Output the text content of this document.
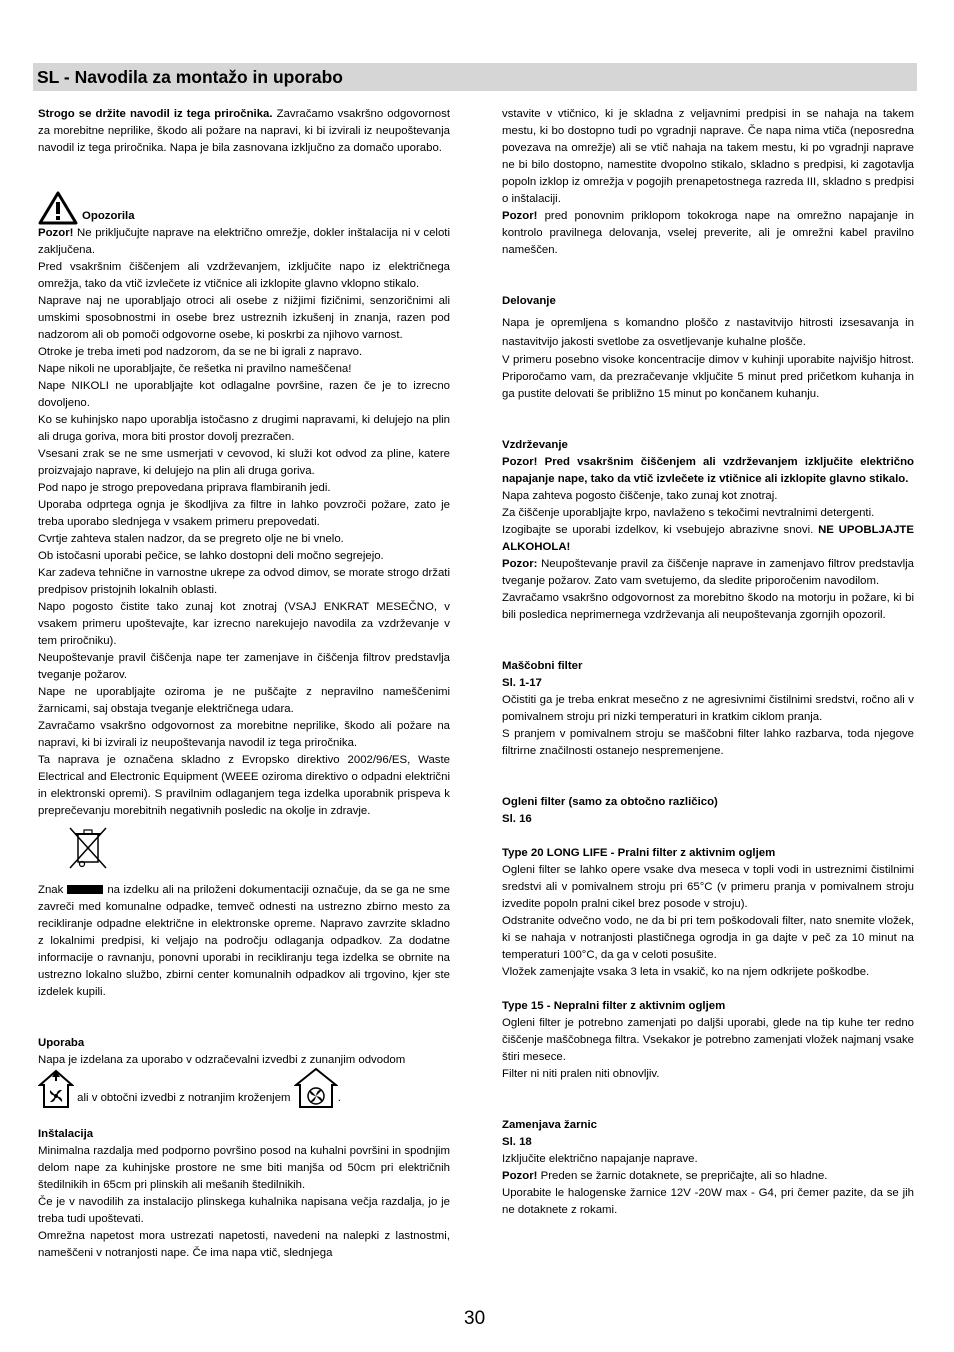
SL - Navodila za montažo in uporabo

Strogo se držite navodil iz tega priročnika. Zavračamo vsakršno odgovornost za morebitne neprilike, škodo ali požare na napravi, ki bi izvirali iz neupoštevanja navodil iz tega priročnika. Napa je bila zasnovana izključno za domačo uporabo.

Opozorila

Pozor! Ne priključujte naprave na električno omrežje, dokler inštalacija ni v celoti zaključena.

Pred vsakršnim čiščenjem ali vzdrževanjem, izključite napo iz električnega omrežja, tako da vtič izvlečete iz vtičnice ali izklopite glavno vklopno stikalo.

Naprave naj ne uporabljajo otroci ali osebe z nižjimi fizičnimi, senzoričnimi ali umskimi sposobnostmi in osebe brez ustreznih izkušenj in znanja, razen pod nadzorom ali ob pomoči odgovorne osebe, ki poskrbi za njihovo varnost.

Otroke je treba imeti pod nadzorom, da se ne bi igrali z napravo.

Nape nikoli ne uporabljajte, če rešetka ni pravilno nameščena!

Nape NIKOLI ne uporabljajte kot odlagalne površine, razen če je to izrecno dovoljeno.

Ko se kuhinjsko napo uporablja istočasno z drugimi napravami, ki delujejo na plin ali druga goriva, mora biti prostor dovolj prezračen.

Vsesani zrak se ne sme usmerjati v cevovod, ki služi kot odvod za pline, katere proizvajajo naprave, ki delujejo na plin ali druga goriva.

Pod napo je strogo prepovedana priprava flambiranih jedi.

Uporaba odprtega ognja je škodljiva za filtre in lahko povzroči požare, zato je treba uporabo slednjega v vsakem primeru prepovedati.

Cvrtje zahteva stalen nadzor, da se pregreto olje ne bi vnelo.

Ob istočasni uporabi pečice, se lahko dostopni deli močno segrejejo.

Kar zadeva tehnične in varnostne ukrepe za odvod dimov, se morate strogo držati predpisov pristojnih lokalnih oblasti.

Napo pogosto čistite tako zunaj kot znotraj (VSAJ ENKRAT MESEČNO, v vsakem primeru upoštevajte, kar izrecno narekujejo navodila za vzdrževanje v tem priročniku).

Neupoštevanje pravil čiščenja nape ter zamenjave in čiščenja filtrov predstavlja tveganje požarov.

Nape ne uporabljajte oziroma je ne puščajte z nepravilno nameščenimi žarnicami, saj obstaja tveganje električnega udara.

Zavračamo vsakršno odgovornost za morebitne neprilike, škodo ali požare na napravi, ki bi izvirali iz neupoštevanja navodil iz tega priročnika.

Ta naprava je označena skladno z Evropsko direktivo 2002/96/ES, Waste Electrical and Electronic Equipment (WEEE oziroma direktivo o odpadni električni in elektronski opremi). S pravilnim odlaganjem tega izdelka uporabnik prispeva k preprečevanju morebitnih negativnih posledic na okolje in zdravje.

Znak	na izdelku ali na priloženi dokumentaciji označuje, da se ga ne sme zavreči med komunalne odpadke, temveč odnesti na ustrezno zbirno mesto za recikliranje odpadne električne in elektronske opreme. Napravo zavrzite skladno z lokalnimi predpisi, ki veljajo na področju odlaganja odpadkov. Za dodatne informacije o ravnanju, ponovni uporabi in recikliranju tega izdelka se obrnite na ustrezno lokalno službo, zbirni center komunalnih odpadkov ali trgovino, kjer ste izdelek kupili.

Uporaba

Napa je izdelana za uporabo v odzračevalni izvedbi z zunanjim odvodom

ali v obtočni izvedbi z notranjim kroženjem	.

Inštalacija

Minimalna razdalja med podporno površino posod na kuhalni površini in spodnjim delom nape za kuhinjske prostore ne sme biti manjša od 50cm pri električnih štedilnikih in 65cm pri plinskih ali mešanih štedilnikih.

Če je v navodilih za instalacijo plinskega kuhalnika napisana večja razdalja, jo je treba tudi upoštevati.

Omrežna napetost mora ustrezati napetosti, navedeni na nalepki z lastnostmi, nameščeni v notranjosti nape. Če ima napa vtič, slednjega

vstavite v vtičnico, ki je skladna z veljavnimi predpisi in se nahaja na takem mestu, ki bo dostopno tudi po vgradnji naprave. Če napa nima vtiča (neposredna povezava na omrežje) ali se vtič nahaja na takem mestu, ki po vgradnji naprave ne bi bilo dostopno, namestite dvopolno stikalo, skladno s predpisi, ki zagotavlja popoln izklop iz omrežja v pogojih prenapetostnega razreda III, skladno s predpisi o inštalaciji.

Pozor! pred ponovnim priklopom tokokroga nape na omrežno napajanje in kontrolo pravilnega delovanja, vselej preverite, ali je omrežni kabel pravilno nameščen.

Delovanje

Napa je opremljena s komandno ploščo z nastavitvijo hitrosti izsesavanja in nastavitvijo jakosti svetlobe za osvetljevanje kuhalne plošče.

V primeru posebno visoke koncentracije dimov v kuhinji uporabite najvišjo hitrost. Priporočamo vam, da prezračevanje vključite 5 minut pred pričetkom kuhanja in ga pustite delovati še približno 15 minut po končanem kuhanju.

Vzdrževanje

Pozor! Pred vsakršnim čiščenjem ali vzdrževanjem izključite električno napajanje nape, tako da vtič izvlečete iz vtičnice ali izklopite glavno stikalo.

Napa zahteva pogosto čiščenje, tako zunaj kot znotraj.

Za čiščenje uporabljajte krpo, navlaženo s tekočimi nevtralnimi detergenti.

Izogibajte se uporabi izdelkov, ki vsebujejo abrazivne snovi. NE UPOBLJAJTE ALKOHOLA!

Pozor: Neupoštevanje pravil za čiščenje naprave in zamenjavo filtrov predstavlja tveganje požarov. Zato vam svetujemo, da sledite priporočenim navodilom.

Zavračamo vsakršno odgovornost za morebitno škodo na motorju in požare, ki bi bili posledica neprimernega vzdrževanja ali neupoštevanja zgornjih opozoril.

Maščobni filter

Sl. 1-17

Očistiti ga je treba enkrat mesečno z ne agresivnimi čistilnimi sredstvi, ročno ali v pomivalnem stroju pri nizki temperaturi in kratkim ciklom pranja.

S pranjem v pomivalnem stroju se maščobni filter lahko razbarva, toda njegove filtrirne značilnosti ostanejo nespremenjene.

Ogleni filter (samo za obtočno različico)

Sl. 16

Type 20 LONG LIFE - Pralni filter z aktivnim ogljem

Ogleni filter se lahko opere vsake dva meseca v topli vodi in ustreznimi čistilnimi sredstvi ali v pomivalnem stroju pri 65°C (v primeru pranja v pomivalnem stroju izvedite popoln pralni cikel brez posode v stroju).

Odstranite odvečno vodo, ne da bi pri tem poškodovali filter, nato snemite vložek, ki se nahaja v notranjosti plastičnega ogrodja in ga dajte v peč za 10 minut na temperaturi 100°C, da ga v celoti posušite.

Vložek zamenjajte vsaka 3 leta in vsakič, ko na njem odkrijete poškodbe.

Type 15 - Nepralni filter z aktivnim ogljem

Ogleni filter je potrebno zamenjati po daljši uporabi, glede na tip kuhe ter redno čiščenje maščobnega filtra. Vsekakor je potrebno zamenjati vložek najmanj vsake štiri mesece.

Filter ni niti pralen niti obnovljiv.

Zamenjava žarnic

Sl. 18

Izključite električno napajanje naprave.

Pozor! Preden se žarnic dotaknete, se prepričajte, ali so hladne.

Uporabite le halogenske žarnice 12V -20W max - G4, pri čemer pazite, da se jih ne dotaknete z rokami.

30
